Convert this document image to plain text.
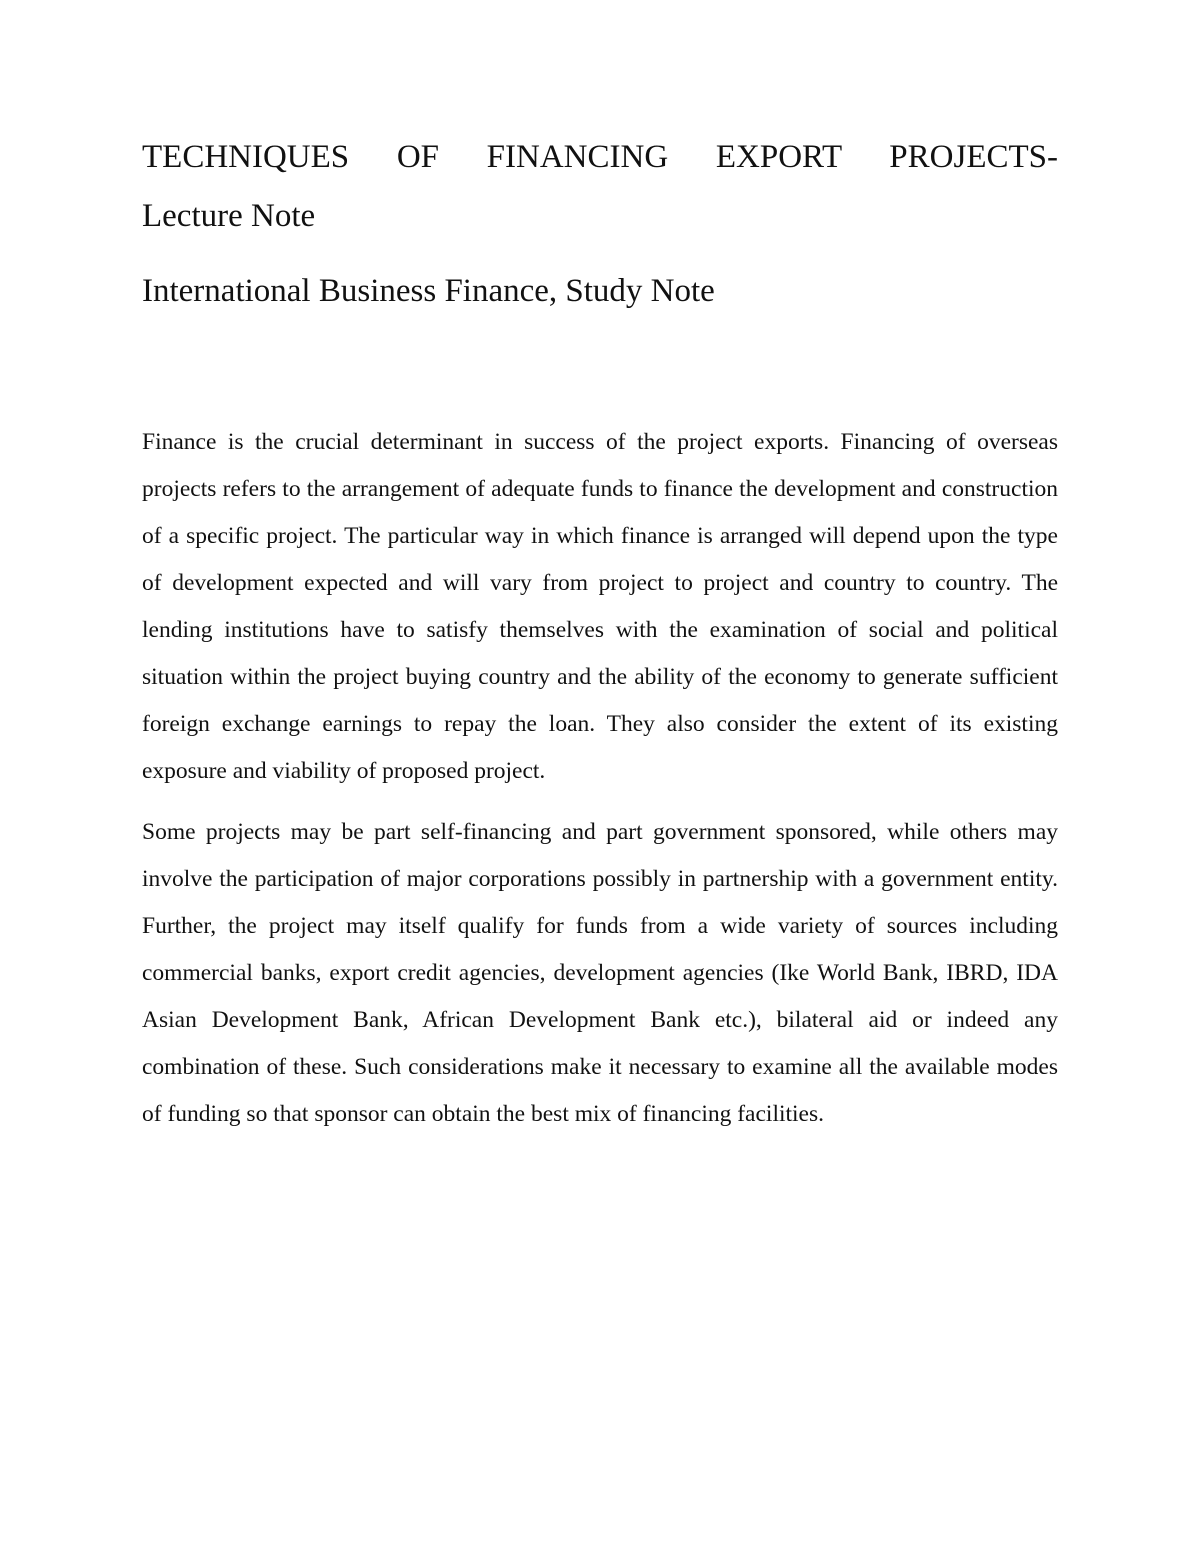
TECHNIQUES OF FINANCING EXPORT PROJECTS-
Lecture Note
International Business Finance, Study Note

Finance is the crucial determinant in success of the project exports. Financing of overseas projects refers to the arrangement of adequate funds to finance the development and construction of a specific project. The particular way in which finance is arranged will depend upon the type of development expected and will vary from project to project and country to country. The lending institutions have to satisfy themselves with the examination of social and political situation within the project buying country and the ability of the economy to generate sufficient foreign exchange earnings to repay the loan. They also consider the extent of its existing exposure and viability of proposed project.

Some projects may be part self-financing and part government sponsored, while others may involve the participation of major corporations possibly in partnership with a government entity. Further, the project may itself qualify for funds from a wide variety of sources including commercial banks, export credit agencies, development agencies (Ike World Bank, IBRD, IDA Asian Development Bank, African Development Bank etc.), bilateral aid or indeed any combination of these. Such considerations make it necessary to examine all the available modes of funding so that sponsor can obtain the best mix of financing facilities.
